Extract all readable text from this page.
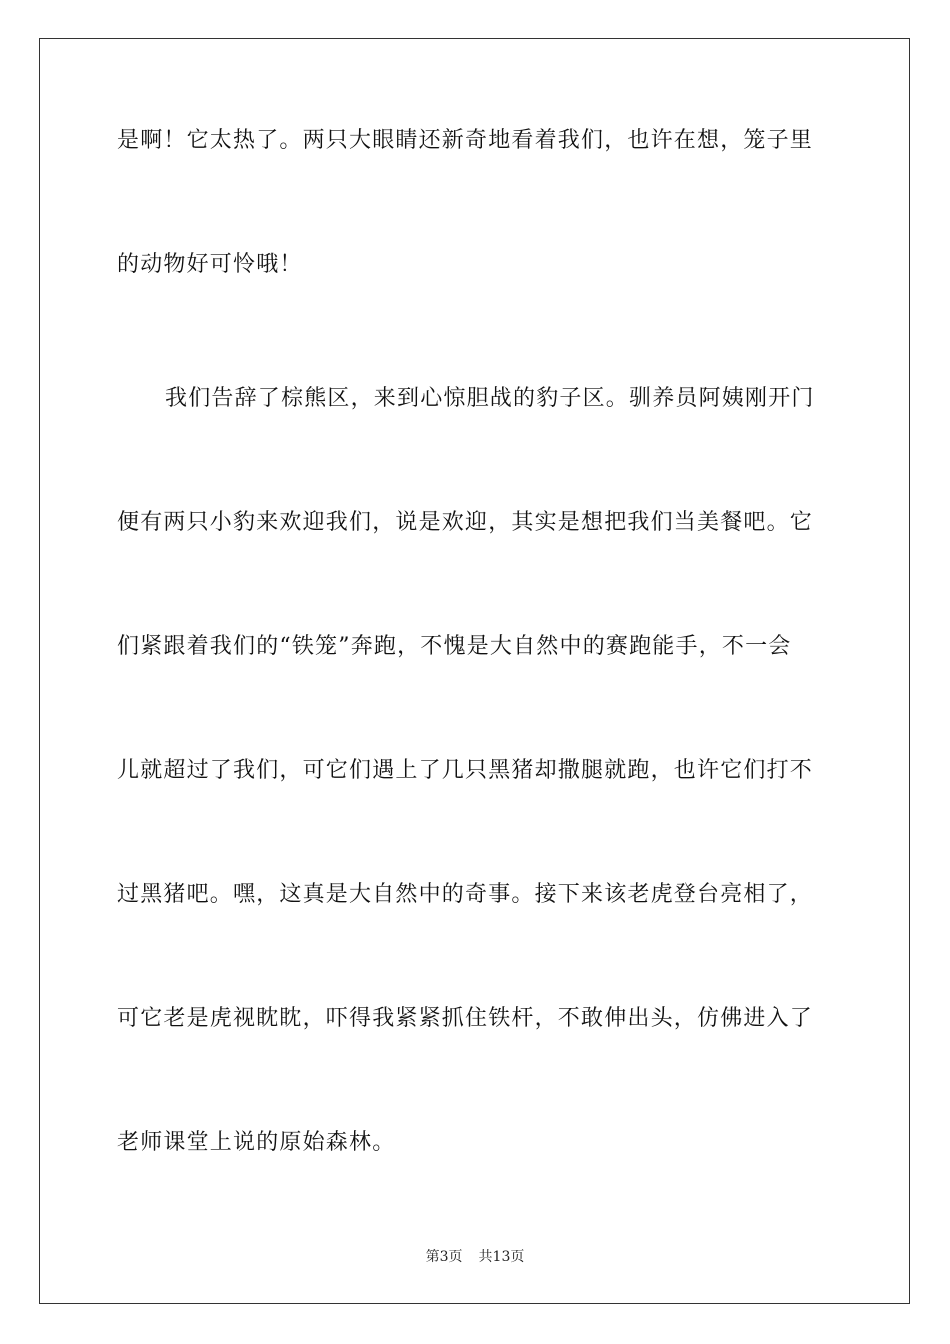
是啊！它太热了。两只大眼睛还新奇地看着我们，也许在想，笼子里
的动物好可怜哦！
我们告辞了棕熊区，来到心惊胆战的豹子区。驯养员阿姨刚开门
便有两只小豹来欢迎我们，说是欢迎，其实是想把我们当美餐吧。它
们紧跟着我们的“铁笼”奔跑，不愧是大自然中的赛跑能手，不一会
儿就超过了我们，可它们遇上了几只黑猪却撒腿就跑，也许它们打不
过黑猪吧。嘿，这真是大自然中的奇事。接下来该老虎登台亮相了，
可它老是虎视眈眈，吓得我紧紧抓住铁杆，不敢伸出头，仿佛进入了
老师课堂上说的原始森林。
第3页 共13页
